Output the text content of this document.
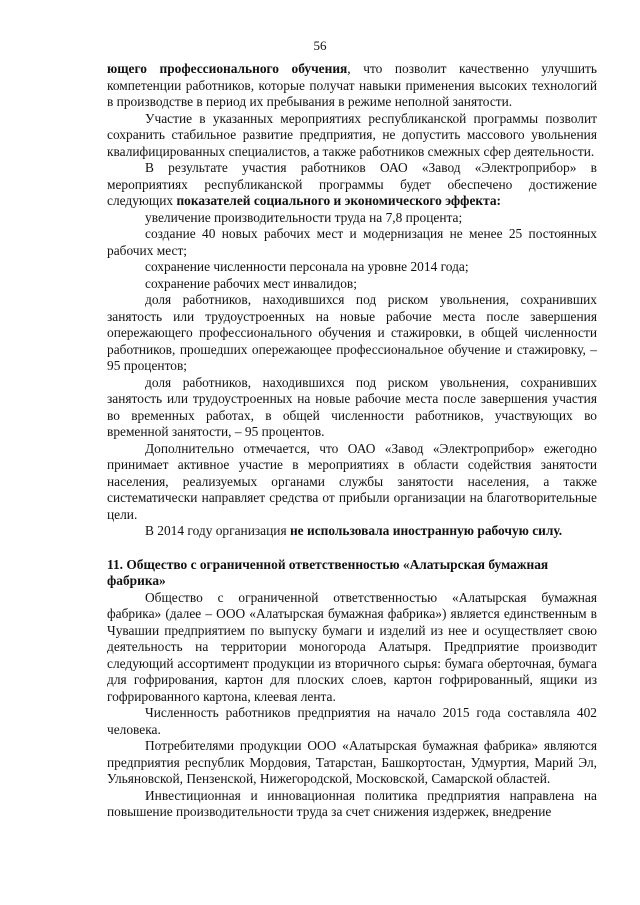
56

ющего профессионального обучения, что позволит качественно улучшить компетенции работников, которые получат навыки применения высоких технологий в производстве в период их пребывания в режиме неполной занятости.

Участие в указанных мероприятиях республиканской программы позволит сохранить стабильное развитие предприятия, не допустить массового увольнения квалифицированных специалистов, а также работников смежных сфер деятельности.

В результате участия работников ОАО «Завод «Электроприбор» в мероприятиях республиканской программы будет обеспечено достижение следующих показателей социального и экономического эффекта:

увеличение производительности труда на 7,8 процента;

создание 40 новых рабочих мест и модернизация не менее 25 постоянных рабочих мест;

сохранение численности персонала на уровне 2014 года;

сохранение рабочих мест инвалидов;

доля работников, находившихся под риском увольнения, сохранивших занятость или трудоустроенных на новые рабочие места после завершения опережающего профессионального обучения и стажировки, в общей численности работников, прошедших опережающее профессиональное обучение и стажировку, – 95 процентов;

доля работников, находившихся под риском увольнения, сохранивших занятость или трудоустроенных на новые рабочие места после завершения участия во временных работах, в общей численности работников, участвующих во временной занятости, – 95 процентов.

Дополнительно отмечается, что ОАО «Завод «Электроприбор» ежегодно принимает активное участие в мероприятиях в области содействия занятости населения, реализуемых органами службы занятости населения, а также систематически направляет средства от прибыли организации на благотворительные цели.

В 2014 году организация не использовала иностранную рабочую силу.

11. Общество с ограниченной ответственностью «Алатырская бумажная фабрика»

Общество с ограниченной ответственностью «Алатырская бумажная фабрика» (далее – ООО «Алатырская бумажная фабрика») является единственным в Чувашии предприятием по выпуску бумаги и изделий из нее и осуществляет свою деятельность на территории моногорода Алатыря. Предприятие производит следующий ассортимент продукции из вторичного сырья: бумага оберточная, бумага для гофрирования, картон для плоских слоев, картон гофрированный, ящики из гофрированного картона, клеевая лента.

Численность работников предприятия на начало 2015 года составляла 402 человека.

Потребителями продукции ООО «Алатырская бумажная фабрика» являются предприятия республик Мордовия, Татарстан, Башкортостан, Удмуртия, Марий Эл, Ульяновской, Пензенской, Нижегородской, Московской, Самарской областей.

Инвестиционная и инновационная политика предприятия направлена на повышение производительности труда за счет снижения издержек, внедрение
